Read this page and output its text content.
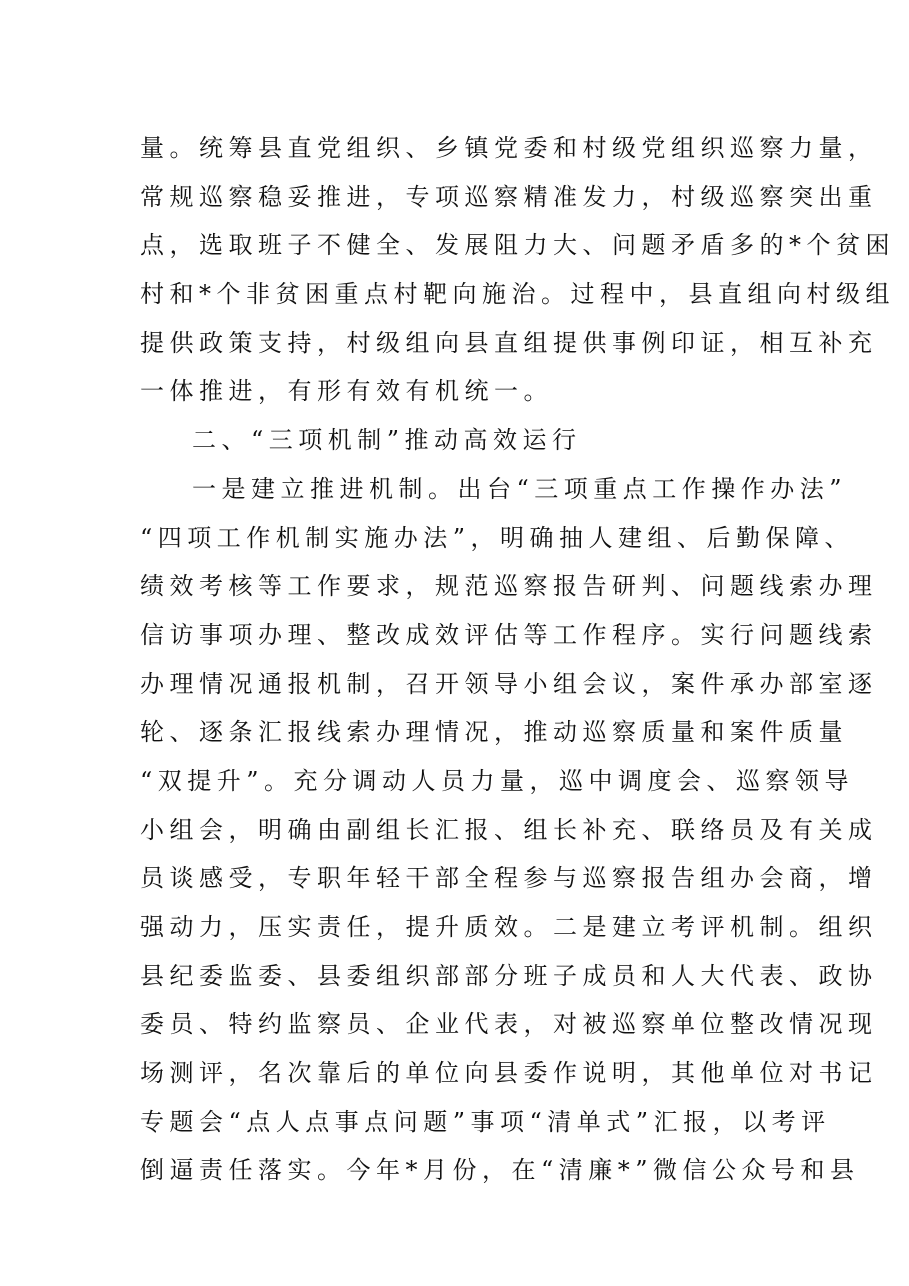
量。统筹县直党组织、乡镇党委和村级党组织巡察力量，
常规巡察稳妥推进，专项巡察精准发力，村级巡察突出重
点，选取班子不健全、发展阻力大、问题矛盾多的*个贫困
村和*个非贫困重点村靶向施治。过程中，县直组向村级组
提供政策支持，村级组向县直组提供事例印证，相互补充
一体推进，有形有效有机统一。
二、“三项机制”推动高效运行
一是建立推进机制。出台“三项重点工作操作办法”
“四项工作机制实施办法”，明确抽人建组、后勤保障、
绩效考核等工作要求，规范巡察报告研判、问题线索办理
信访事项办理、整改成效评估等工作程序。实行问题线索
办理情况通报机制，召开领导小组会议，案件承办部室逐
轮、逐条汇报线索办理情况，推动巡察质量和案件质量
“双提升”。充分调动人员力量，巡中调度会、巡察领导
小组会，明确由副组长汇报、组长补充、联络员及有关成
员谈感受，专职年轻干部全程参与巡察报告组办会商，增
强动力，压实责任，提升质效。二是建立考评机制。组织
县纪委监委、县委组织部部分班子成员和人大代表、政协
委员、特约监察员、企业代表，对被巡察单位整改情况现
场测评，名次靠后的单位向县委作说明，其他单位对书记
专题会“点人点事点问题”事项“清单式”汇报，以考评
倒逼责任落实。今年*月份，在“清廉*”微信公众号和县
